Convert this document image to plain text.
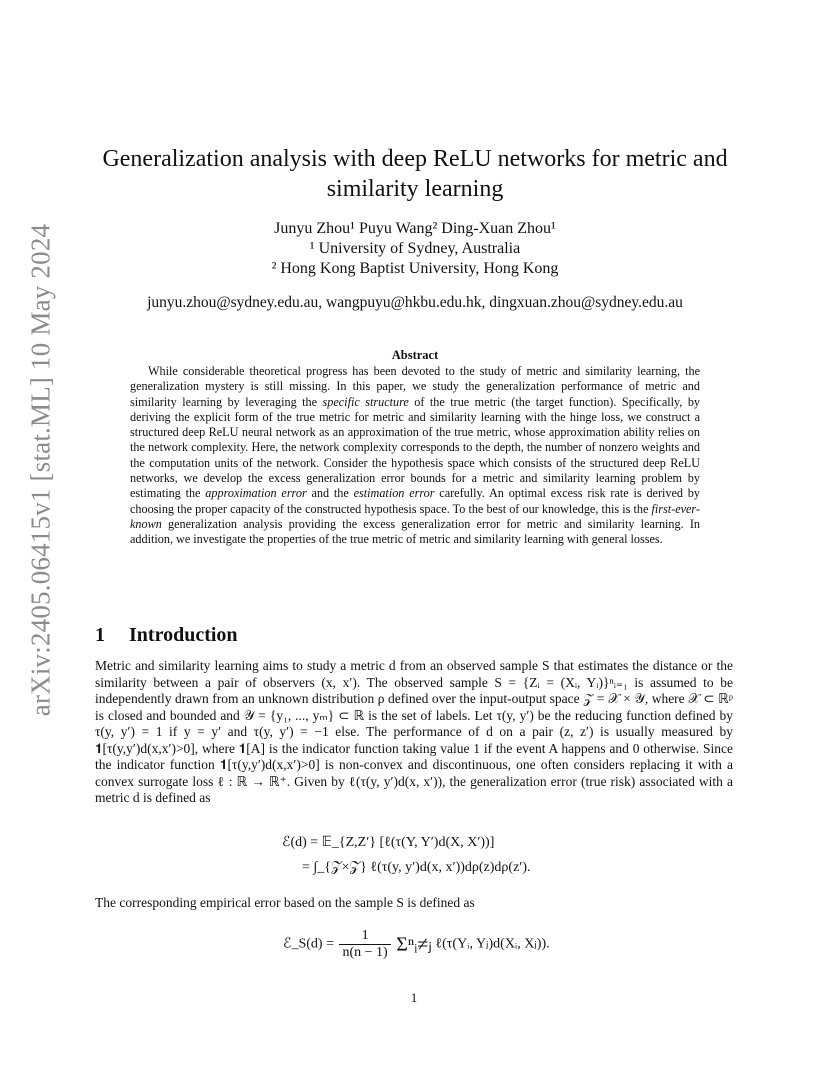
arXiv:2405.06415v1 [stat.ML] 10 May 2024
Generalization analysis with deep ReLU networks for metric and
similarity learning
Junyu Zhou¹ Puyu Wang² Ding-Xuan Zhou¹
¹ University of Sydney, Australia
² Hong Kong Baptist University, Hong Kong
junyu.zhou@sydney.edu.au, wangpuyu@hkbu.edu.hk, dingxuan.zhou@sydney.edu.au
Abstract
While considerable theoretical progress has been devoted to the study of metric and similarity learning, the generalization mystery is still missing. In this paper, we study the generalization performance of metric and similarity learning by leveraging the specific structure of the true metric (the target function). Specifically, by deriving the explicit form of the true metric for metric and similarity learning with the hinge loss, we construct a structured deep ReLU neural network as an approximation of the true metric, whose approximation ability relies on the network complexity. Here, the network complexity corresponds to the depth, the number of nonzero weights and the computation units of the network. Consider the hypothesis space which consists of the structured deep ReLU networks, we develop the excess generalization error bounds for a metric and similarity learning problem by estimating the approximation error and the estimation error carefully. An optimal excess risk rate is derived by choosing the proper capacity of the constructed hypothesis space. To the best of our knowledge, this is the first-ever-known generalization analysis providing the excess generalization error for metric and similarity learning. In addition, we investigate the properties of the true metric of metric and similarity learning with general losses.
1 Introduction
Metric and similarity learning aims to study a metric d from an observed sample S that estimates the distance or the similarity between a pair of observers (x, x′). The observed sample S = {Zᵢ = (Xᵢ, Yᵢ)}ⁿᵢ₌₁ is assumed to be independently drawn from an unknown distribution ρ defined over the input-output space 𝒵 = 𝒳 × 𝒴, where 𝒳 ⊂ ℝᵖ is closed and bounded and 𝒴 = {y₁, ..., yₘ} ⊂ ℝ is the set of labels. Let τ(y, y′) be the reducing function defined by τ(y, y′) = 1 if y = y′ and τ(y, y′) = −1 else. The performance of d on a pair (z, z′) is usually measured by 𝟏[τ(y,y′)d(x,x′)>0], where 𝟏[A] is the indicator function taking value 1 if the event A happens and 0 otherwise. Since the indicator function 𝟏[τ(y,y′)d(x,x′)>0] is non-convex and discontinuous, one often considers replacing it with a convex surrogate loss ℓ : ℝ → ℝ⁺. Given by ℓ(τ(y, y′)d(x, x′)), the generalization error (true risk) associated with a metric d is defined as
ℰ(d) = 𝔼_{Z,Z′} [ℓ(τ(Y, Y′)d(X, X′))]
= ∫_{𝒵×𝒵} ℓ(τ(y, y′)d(x, x′))dρ(z)dρ(z′).
The corresponding empirical error based on the sample S is defined as
ℰ_S(d) = $\frac{1}{n(n - 1)}$ Σⁿᵢ≠ⱼ ℓ(τ(Yᵢ, Yⱼ)d(Xᵢ, Xⱼ)).
1
